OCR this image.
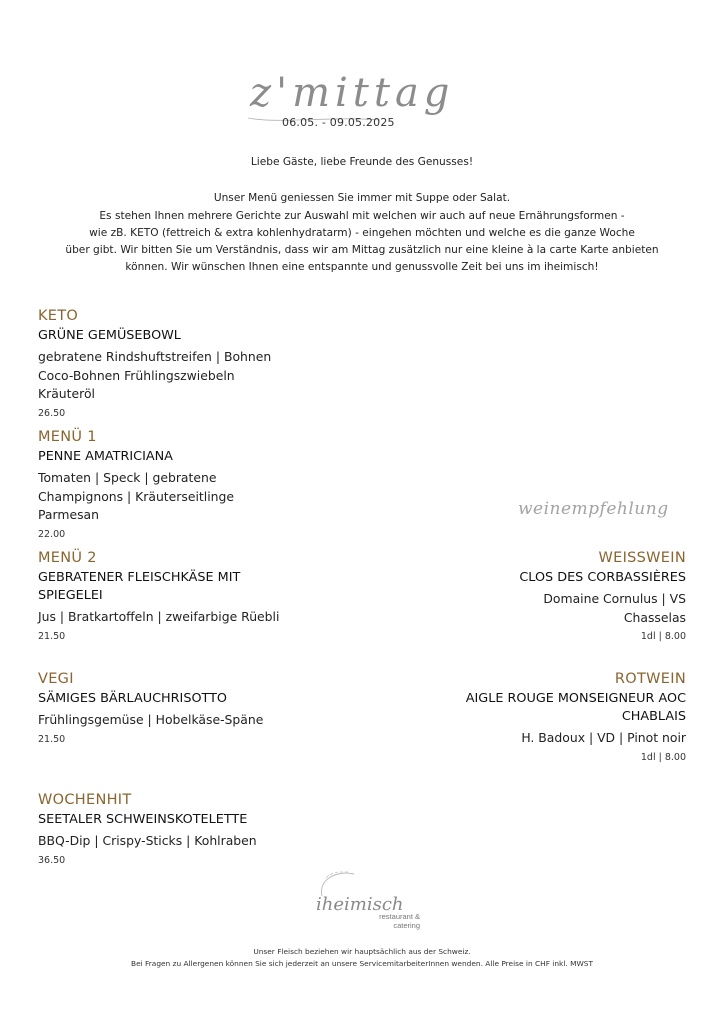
z'mittag
06.05. - 09.05.2025

Liebe Gäste, liebe Freunde des Genusses!

Unser Menü geniessen Sie immer mit Suppe oder Salat.

Es stehen Ihnen mehrere Gerichte zur Auswahl mit welchen wir auch auf neue Ernährungsformen -

wie zB. KETO (fettreich & extra kohlenhydratarm) - eingehen möchten und welche es die ganze Woche

über gibt. Wir bitten Sie um Verständnis, dass wir am Mittag zusätzlich nur eine kleine à la carte Karte anbieten

können. Wir wünschen Ihnen eine entspannte und genussvolle Zeit bei uns im iheimisch!

KETO
GRÜNE GEMÜSEBOWL
gebratene Rindshuftstreifen | Bohnen
Coco-Bohnen Frühlingszwiebeln
Kräuteröl
26.50
MENÜ 1
PENNE AMATRICIANA
Tomaten | Speck | gebratene
Champignons | Kräuterseitlinge
Parmesan
22.00
MENÜ 2
GEBRATENER FLEISCHKÄSE MIT
SPIEGELEI
Jus | Bratkartoffeln | zweifarbige Rüebli
21.50
VEGI
SÄMIGES BÄRLAUCHRISOTTO
Frühlingsgemüse | Hobelkäse-Späne
21.50
WOCHENHIT
SEETALER SCHWEINSKOTELETTE
BBQ-Dip | Crispy-Sticks | Kohlraben
36.50
weinempfehlung
WEISSWEIN
CLOS DES CORBASSIÈRES
Domaine Cornulus | VS
Chasselas
1dl | 8.00
ROTWEIN
AIGLE ROUGE MONSEIGNEUR AOC
CHABLAIS
H. Badoux | VD | Pinot noir
1dl | 8.00
iheimisch
restaurant &
catering
Unser Fleisch beziehen wir hauptsächlich aus der Schweiz.
Bei Fragen zu Allergenen können Sie sich jederzeit an unsere ServicemitarbeiterInnen wenden. Alle Preise in CHF inkl. MWST
